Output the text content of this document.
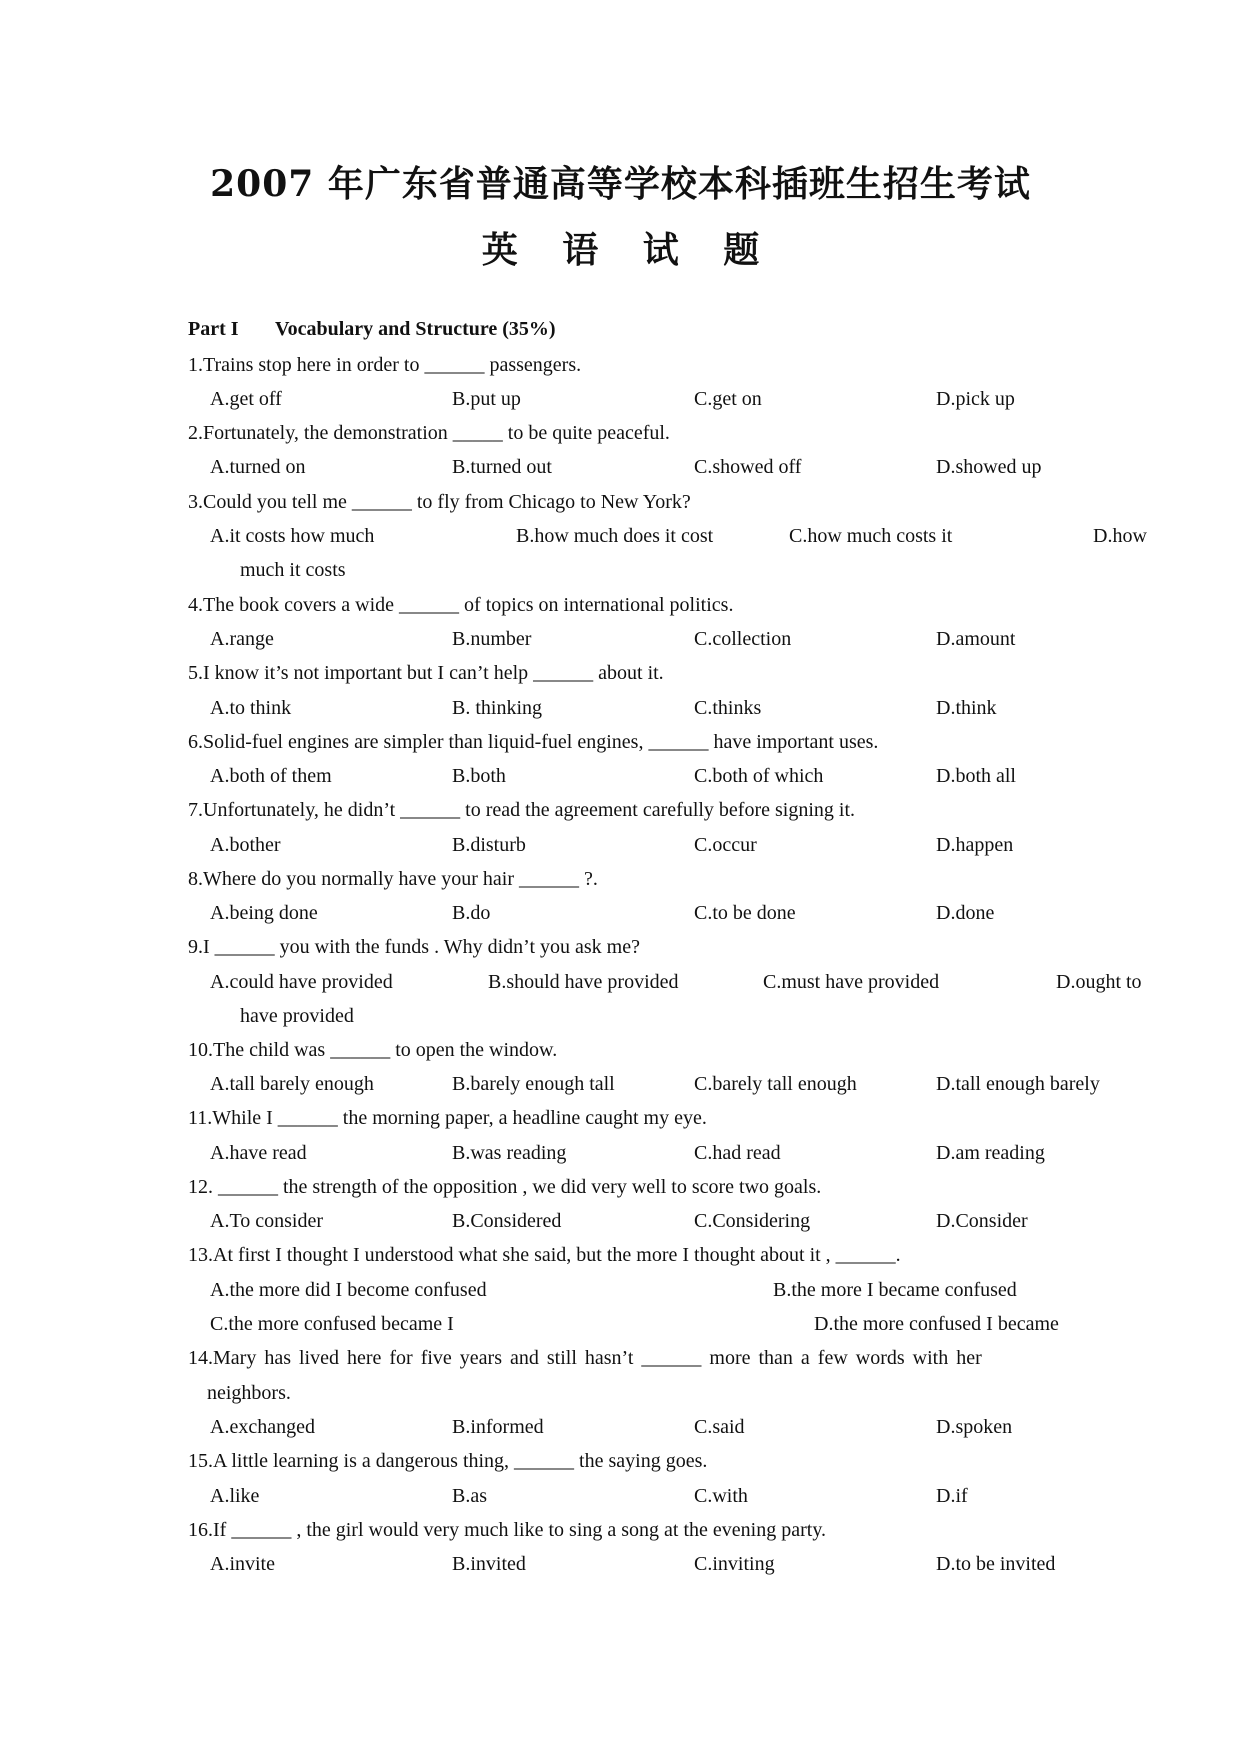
2007 年广东省普通高等学校本科插班生招生考试
英 语 试 题
Part I Vocabulary and Structure (35%)
1.Trains stop here in order to ______ passengers.
A.get off	B.put up	C.get on	D.pick up
2.Fortunately, the demonstration _____ to be quite peaceful.
A.turned on	B.turned out	C.showed off	D.showed up
3.Could you tell me ______ to fly from Chicago to New York?
A.it costs how much	B.how much does it cost	C.how much costs it	D.how
much it costs
4.The book covers a wide ______ of topics on international politics.
A.range	B.number	C.collection	D.amount
5.I know it’s not important but I can’t help ______ about it.
A.to think	B. thinking	C.thinks	D.think
6.Solid-fuel engines are simpler than liquid-fuel engines, ______ have important uses.
A.both of them	B.both	C.both of which	D.both all
7.Unfortunately, he didn’t ______ to read the agreement carefully before signing it.
A.bother	B.disturb	C.occur	D.happen
8.Where do you normally have your hair ______ ?.
A.being done	B.do	C.to be done	D.done
9.I ______ you with the funds . Why didn’t you ask me?
A.could have provided	B.should have provided	C.must have provided	D.ought to
have provided
10.The child was ______ to open the window.
A.tall barely enough	B.barely enough tall	C.barely tall enough	D.tall enough barely
11.While I ______ the morning paper, a headline caught my eye.
A.have read	B.was reading	C.had read	D.am reading
12. ______ the strength of the opposition , we did very well to score two goals.
A.To consider	B.Considered	C.Considering	D.Consider
13.At first I thought I understood what she said, but the more I thought about it , ______.
A.the more did I become confused	B.the more I became confused
C.the more confused became I	D.the more confused I became
14.Mary has lived here for five years and still hasn’t ______ more than a few words with her
neighbors.
A.exchanged	B.informed	C.said	D.spoken
15.A little learning is a dangerous thing, ______ the saying goes.
A.like	B.as	C.with	D.if
16.If ______ , the girl would very much like to sing a song at the evening party.
A.invite	B.invited	C.inviting	D.to be invited
